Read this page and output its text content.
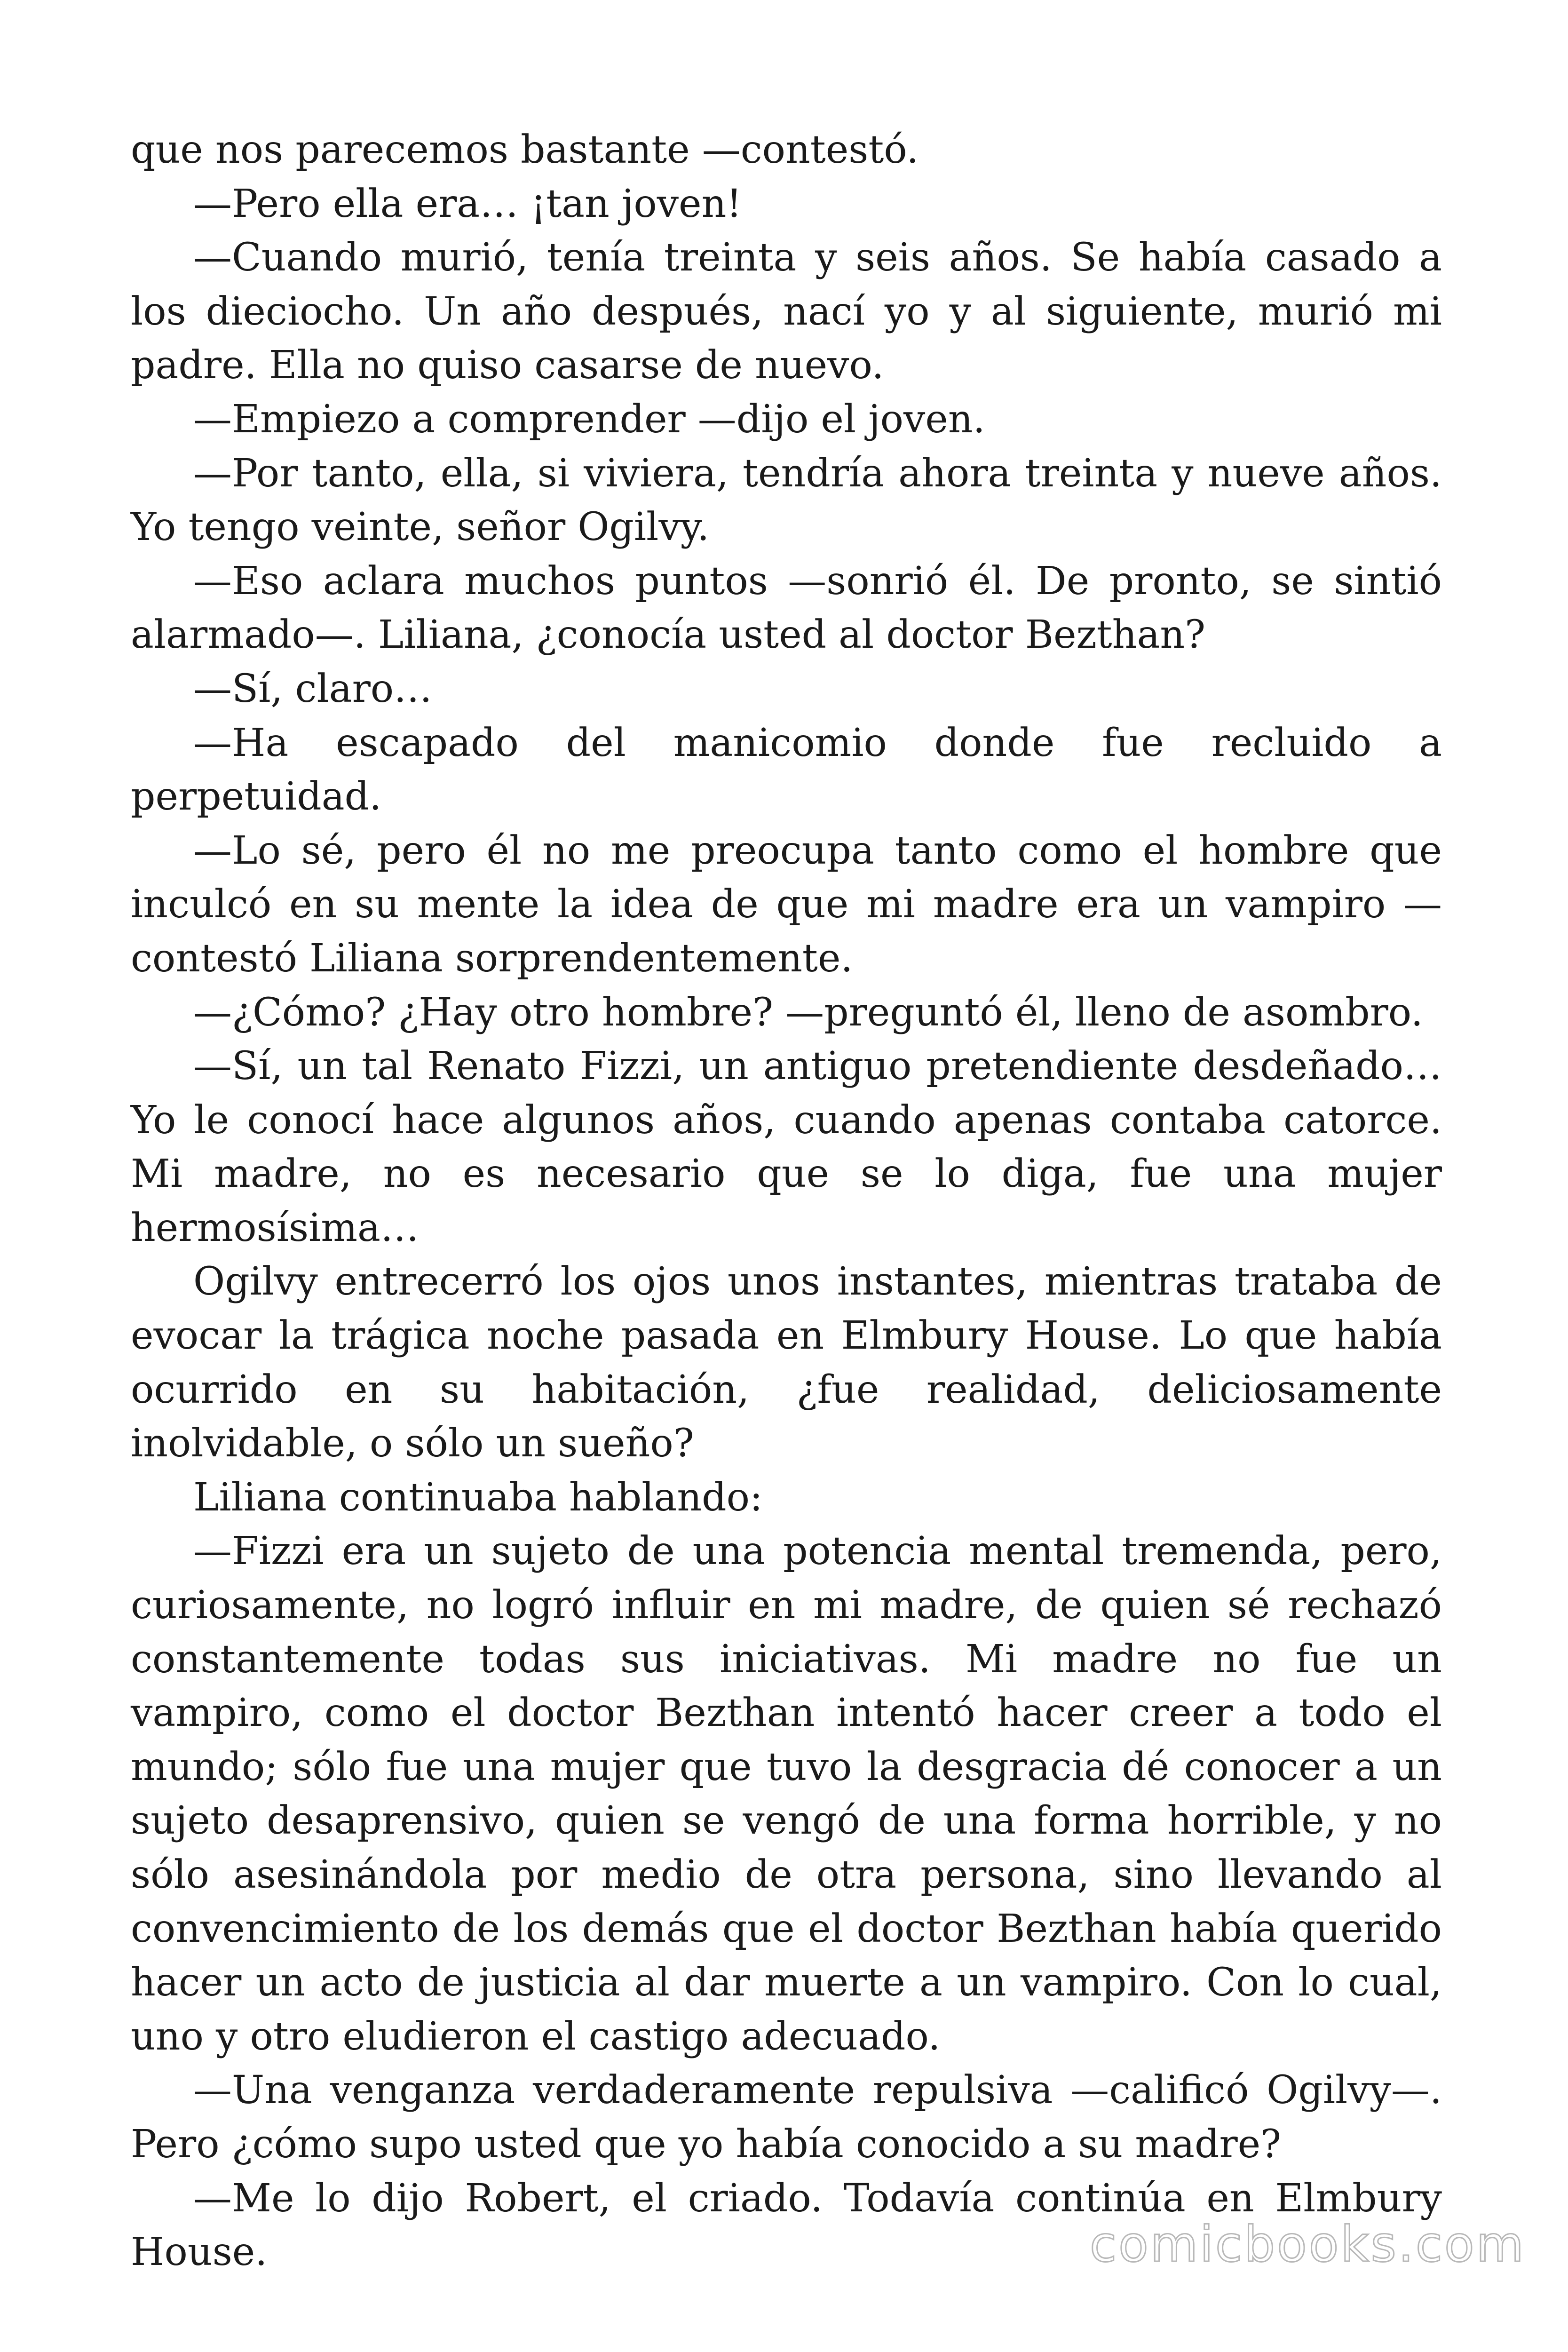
que nos parecemos bastante —contestó.

—Pero ella era… ¡tan joven!

—Cuando murió, tenía treinta y seis años. Se había casado a los dieciocho. Un año después, nací yo y al siguiente, murió mi padre. Ella no quiso casarse de nuevo.

—Empiezo a comprender —dijo el joven.

—Por tanto, ella, si viviera, tendría ahora treinta y nueve años. Yo tengo veinte, señor Ogilvy.

—Eso aclara muchos puntos —sonrió él. De pronto, se sintió alarmado—. Liliana, ¿conocía usted al doctor Bezthan?

—Sí, claro…

—Ha escapado del manicomio donde fue recluido a perpetuidad.

—Lo sé, pero él no me preocupa tanto como el hombre que inculcó en su mente la idea de que mi madre era un vampiro —contestó Liliana sorprendentemente.

—¿Cómo? ¿Hay otro hombre? —preguntó él, lleno de asombro.

—Sí, un tal Renato Fizzi, un antiguo pretendiente desdeñado… Yo le conocí hace algunos años, cuando apenas contaba catorce. Mi madre, no es necesario que se lo diga, fue una mujer hermosísima…

Ogilvy entrecerró los ojos unos instantes, mientras trataba de evocar la trágica noche pasada en Elmbury House. Lo que había ocurrido en su habitación, ¿fue realidad, deliciosamente inolvidable, o sólo un sueño?

Liliana continuaba hablando:

—Fizzi era un sujeto de una potencia mental tremenda, pero, curiosamente, no logró influir en mi madre, de quien sé rechazó constantemente todas sus iniciativas. Mi madre no fue un vampiro, como el doctor Bezthan intentó hacer creer a todo el mundo; sólo fue una mujer que tuvo la desgracia dé conocer a un sujeto desaprensivo, quien se vengó de una forma horrible, y no sólo asesinándola por medio de otra persona, sino llevando al convencimiento de los demás que el doctor Bezthan había querido hacer un acto de justicia al dar muerte a un vampiro. Con lo cual, uno y otro eludieron el castigo adecuado.

—Una venganza verdaderamente repulsiva —calificó Ogilvy—. Pero ¿cómo supo usted que yo había conocido a su madre?

—Me lo dijo Robert, el criado. Todavía continúa en Elmbury House.	comicbooks.com
